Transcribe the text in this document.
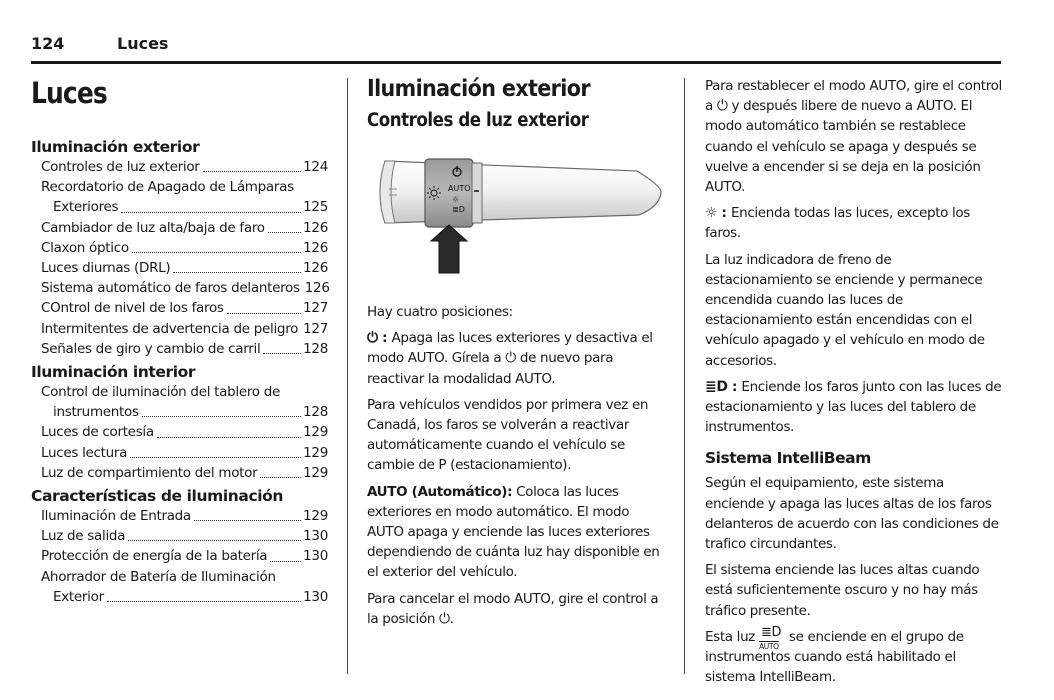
124	Luces
Luces
Iluminación exterior
Controles de luz exterior	124
Recordatorio de Apagado de Lámparas
Exteriores	125
Cambiador de luz alta/baja de faro	126
Claxon óptico	126
Luces diurnas (DRL)	126
Sistema automático de faros delanteros 126
COntrol de nivel de los faros	127
Intermitentes de advertencia de peligro 127
Señales de giro y cambio de carril	128
Iluminación interior
Control de iluminación del tablero de
instrumentos	128
Luces de cortesía	129
Luces lectura	129
Luz de compartimiento del motor	129
Características de iluminación
Iluminación de Entrada	129
Luz de salida	130
Protección de energía de la batería	130
Ahorrador de Batería de Iluminación
Exterior	130
Iluminación exterior
Controles de luz exterior
AUTO
☼
≣D
Hay cuatro posiciones:
⏻ : Apaga las luces exteriores y desactiva el modo AUTO. Gírela a ⏻ de nuevo para reactivar la modalidad AUTO.
Para vehículos vendidos por primera vez en Canadá, los faros se volverán a reactivar automáticamente cuando el vehículo se cambie de P (estacionamiento).
AUTO (Automático): Coloca las luces exteriores en modo automático. El modo AUTO apaga y enciende las luces exteriores dependiendo de cuánta luz hay disponible en el exterior del vehículo.
Para cancelar el modo AUTO, gire el control a la posición ⏻.
Para restablecer el modo AUTO, gire el control a ⏻ y después libere de nuevo a AUTO. El modo automático también se restablece cuando el vehículo se apaga y después se vuelve a encender si se deja en la posición AUTO.
☼ : Encienda todas las luces, excepto los faros.
La luz indicadora de freno de estacionamiento se enciende y permanece encendida cuando las luces de estacionamiento están encendidas con el vehículo apagado y el vehículo en modo de accesorios.
≣D : Enciende los faros junto con las luces de estacionamiento y las luces del tablero de instrumentos.
Sistema IntelliBeam
Según el equipamiento, este sistema enciende y apaga las luces altas de los faros delanteros de acuerdo con las condiciones de trafico circundantes.
El sistema enciende las luces altas cuando está suficientemente oscuro y no hay más tráfico presente.
Esta luz ≣D
AUTO
se enciende en el grupo de instrumentos cuando está habilitado el sistema IntelliBeam.
